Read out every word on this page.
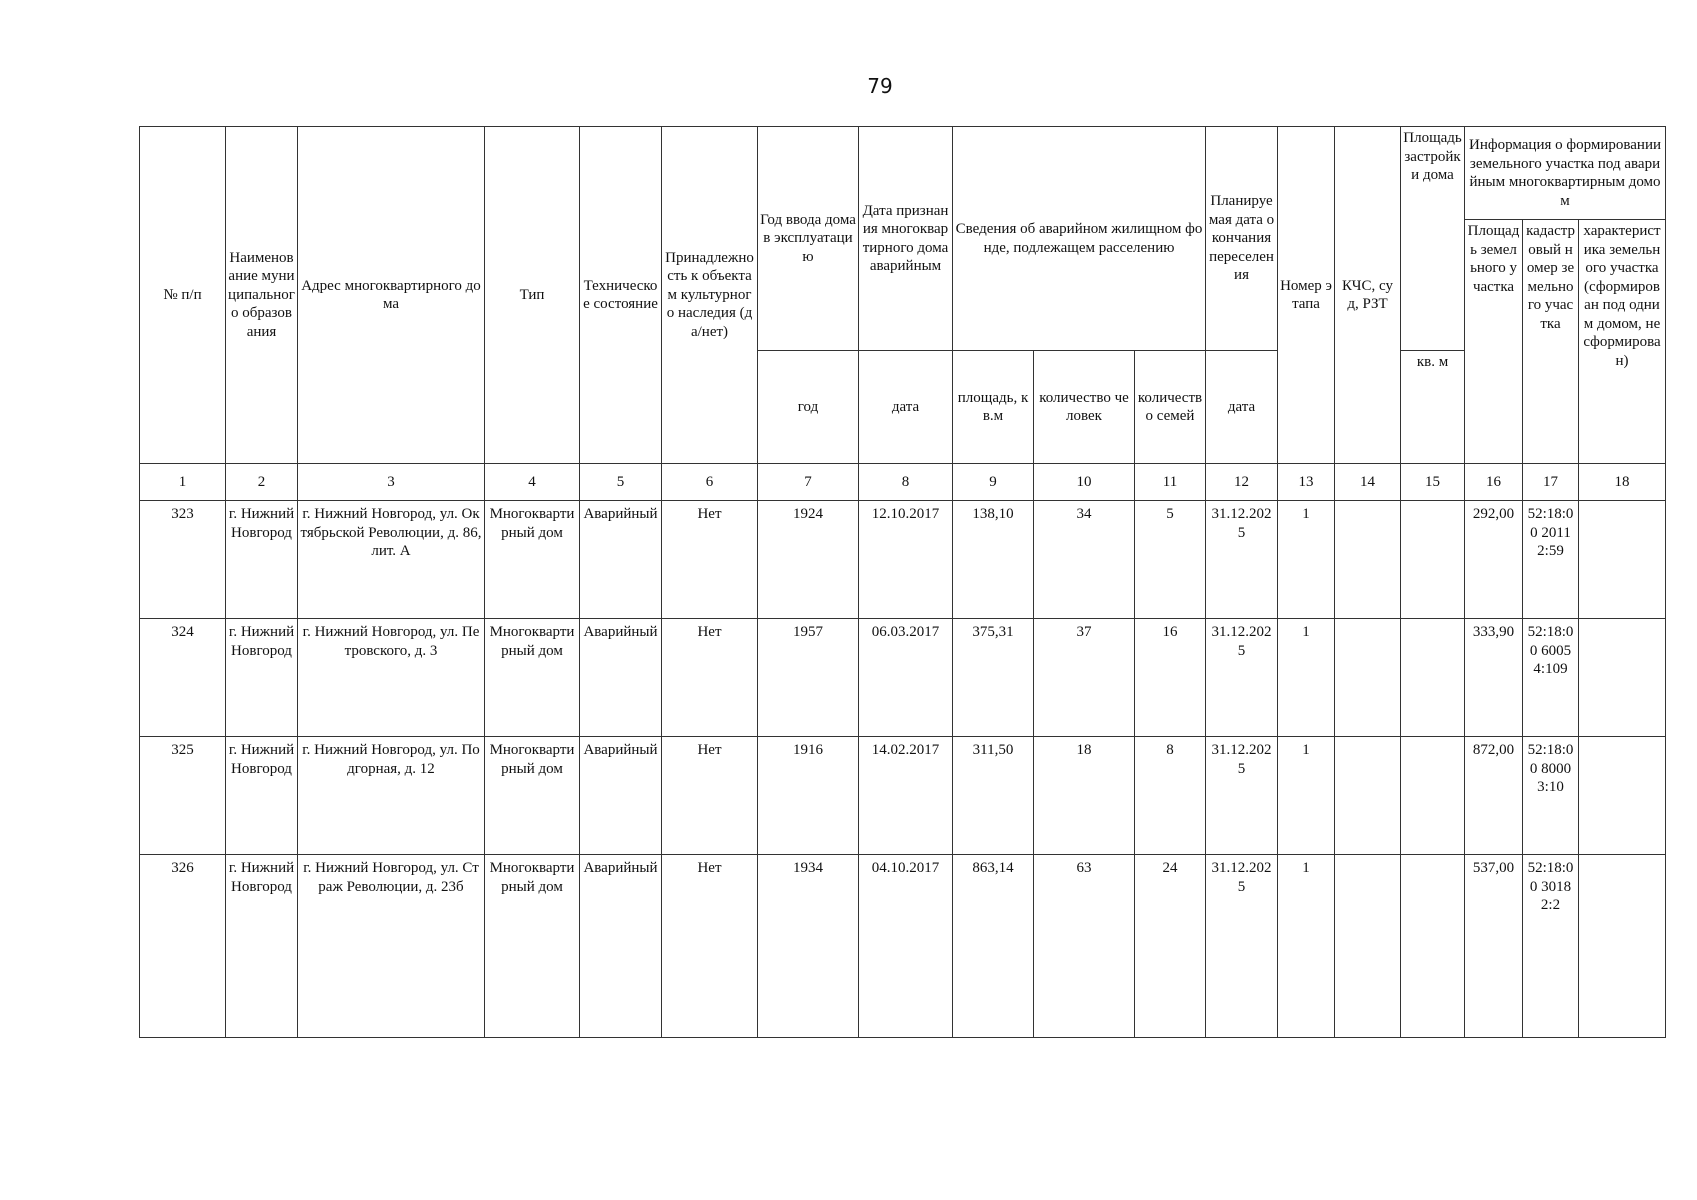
79
№ п/п	Наименование муниципального образования	Адрес многоквартирного дома	Тип	Техническое состояние	Принадлежность к объектам культурного наследия (да/нет)	Год ввода дома в эксплуатацию	Дата признания многоквартирного дома аварийным	Сведения об аварийном жилищном фонде, подлежащем расселению			Планируемая дата окончания переселения	Номер этапа	КЧС, суд, РЗТ	Площадь застройки дома	Информация о формировании земельного участка под аварийным многоквартирным домом		
															Площадь земельного участка	кадастровый номер земельного участка	характеристика земельного участка (сформирован под одним домом, не сформирован)
						год	дата	площадь, кв.м	количество человек	количество семей	дата			кв. м			
1	2	3	4	5	6	7	8	9	10	11	12	13	14	15	16	17	18
323	г. Нижний Новгород	г. Нижний Новгород, ул. Октябрьской Революции, д. 86, лит. А	Многоквартирный дом	Аварийный	Нет	1924	12.10.2017	138,10	34	5	31.12.2025	1			292,00	52:18:00 20112:59	
324	г. Нижний Новгород	г. Нижний Новгород, ул. Петровского, д. 3	Многоквартирный дом	Аварийный	Нет	1957	06.03.2017	375,31	37	16	31.12.2025	1			333,90	52:18:00 60054:109	
325	г. Нижний Новгород	г. Нижний Новгород, ул. Подгорная, д. 12	Многоквартирный дом	Аварийный	Нет	1916	14.02.2017	311,50	18	8	31.12.2025	1			872,00	52:18:00 80003:10	
326	г. Нижний Новгород	г. Нижний Новгород, ул. Страж Революции, д. 23б	Многоквартирный дом	Аварийный	Нет	1934	04.10.2017	863,14	63	24	31.12.2025	1			537,00	52:18:00 30182:2	
